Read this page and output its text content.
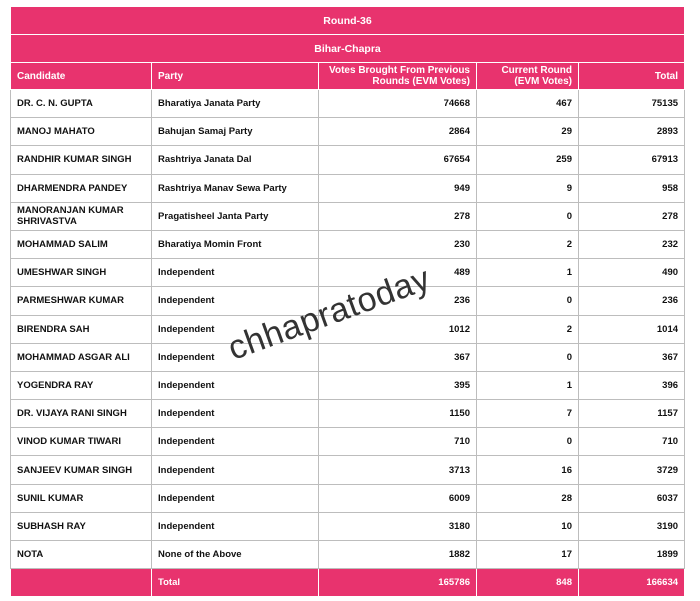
Round-36				
Bihar-Chapra				
Candidate	Party	Votes Brought From Previous Rounds (EVM Votes)	Current Round (EVM Votes)	Total
DR. C. N. GUPTA	Bharatiya Janata Party	74668	467	75135
MANOJ MAHATO	Bahujan Samaj Party	2864	29	2893
RANDHIR KUMAR SINGH	Rashtriya Janata Dal	67654	259	67913
DHARMENDRA PANDEY	Rashtriya Manav Sewa Party	949	9	958
MANORANJAN KUMAR SHRIVASTVA	Pragatisheel Janta Party	278	0	278
MOHAMMAD SALIM	Bharatiya Momin Front	230	2	232
UMESHWAR SINGH	Independent	489	1	490
PARMESHWAR KUMAR	Independent	236	0	236
BIRENDRA SAH	Independent	1012	2	1014
MOHAMMAD ASGAR ALI	Independent	367	0	367
YOGENDRA RAY	Independent	395	1	396
DR. VIJAYA RANI SINGH	Independent	1150	7	1157
VINOD KUMAR TIWARI	Independent	710	0	710
SANJEEV KUMAR SINGH	Independent	3713	16	3729
SUNIL KUMAR	Independent	6009	28	6037
SUBHASH RAY	Independent	3180	10	3190
NOTA	None of the Above	1882	17	1899
	Total	165786	848	166634
chhapratoday
